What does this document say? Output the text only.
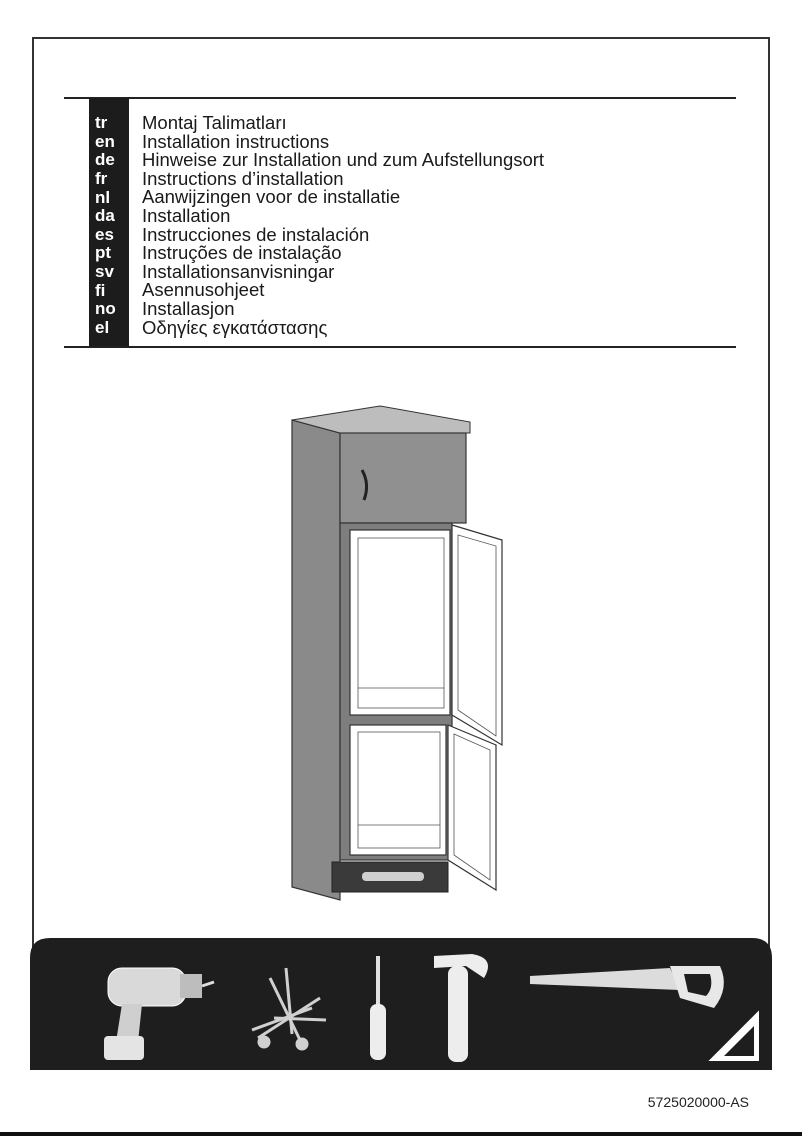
tr
en
de
fr
nl
da
es
pt
sv
fi
no
el
Montaj Talimatları
Installation instructions
Hinweise zur Installation und zum Aufstellungsort
Instructions d’installation
Aanwijzingen voor de installatie
Installation
Instrucciones de instalación
Instruções de instalação
Installationsanvisningar
Asennusohjeet
Installasjon
Οδηγίες εγκατάστασης
5725020000-AS
